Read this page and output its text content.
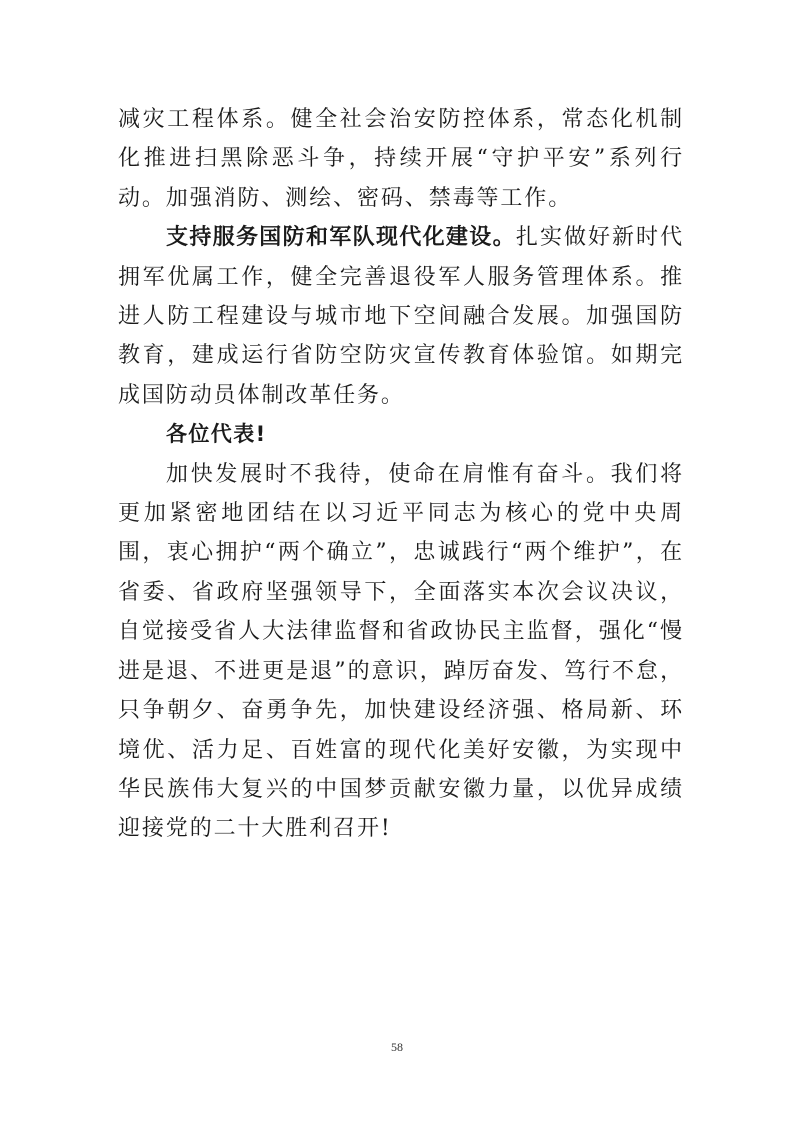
减灾工程体系。健全社会治安防控体系，常态化机制化推进扫黑除恶斗争，持续开展“守护平安”系列行动。加强消防、测绘、密码、禁毒等工作。

支持服务国防和军队现代化建设。扎实做好新时代拥军优属工作，健全完善退役军人服务管理体系。推进人防工程建设与城市地下空间融合发展。加强国防教育，建成运行省防空防灾宣传教育体验馆。如期完成国防动员体制改革任务。

各位代表!

加快发展时不我待，使命在肩惟有奋斗。我们将更加紧密地团结在以习近平同志为核心的党中央周围，衷心拥护“两个确立”，忠诚践行“两个维护”，在省委、省政府坚强领导下，全面落实本次会议决议，自觉接受省人大法律监督和省政协民主监督，强化“慢进是退、不进更是退”的意识，踔厉奋发、笃行不怠，只争朝夕、奋勇争先，加快建设经济强、格局新、环境优、活力足、百姓富的现代化美好安徽，为实现中华民族伟大复兴的中国梦贡献安徽力量，以优异成绩迎接党的二十大胜利召开!

58
